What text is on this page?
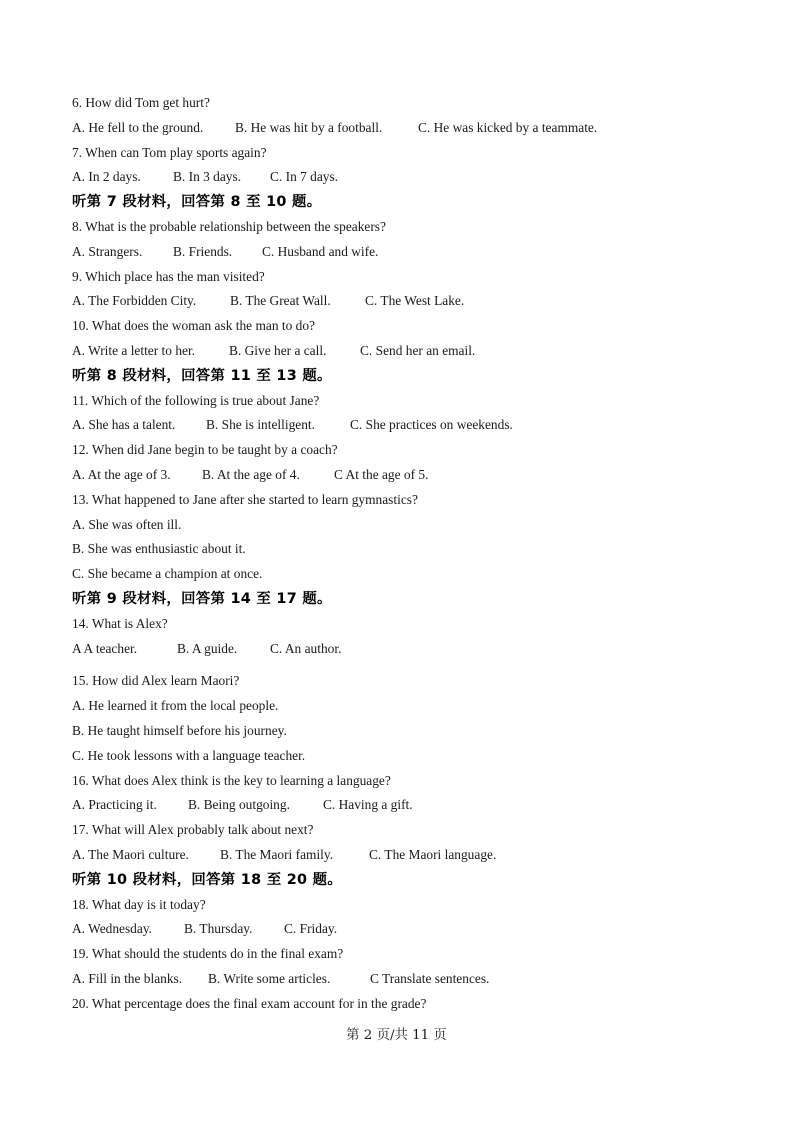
6. How did Tom get hurt?
A. He fell to the ground. B. He was hit by a football.	C. He was kicked by a teammate.
7. When can Tom play sports again?
A. In 2 days. B. In 3 days. C. In 7 days.
听第 7 段材料，回答第 8 至 10 题。
8. What is the probable relationship between the speakers?
A. Strangers. B. Friends. C. Husband and wife.
9. Which place has the man visited?
A. The Forbidden City.	B. The Great Wall.	C. The West Lake.
10. What does the woman ask the man to do?
A. Write a letter to her.	B. Give her a call.	C. Send her an email.
听第 8 段材料，回答第 11 至 13 题。
11. Which of the following is true about Jane?
A. She has a talent. B. She is intelligent.	C. She practices on weekends.
12. When did Jane begin to be taught by a coach?
A. At the age of 3. B. At the age of 4.	C At the age of 5.
13. What happened to Jane after she started to learn gymnastics?
A. She was often ill.
B. She was enthusiastic about it.
C. She became a champion at once.
听第 9 段材料，回答第 14 至 17 题。
14. What is Alex?
A A teacher.	B. A guide. C. An author.
15. How did Alex learn Maori?
A. He learned it from the local people.
B. He taught himself before his journey.
C. He took lessons with a language teacher.
16. What does Alex think is the key to learning a language?
A. Practicing it. B. Being outgoing. C. Having a gift.
17. What will Alex probably talk about next?
A. The Maori culture. B. The Maori family.	C. The Maori language.
听第 10 段材料，回答第 18 至 20 题。
18. What day is it today?
A. Wednesday. B. Thursday. C. Friday.
19. What should the students do in the final exam?
A. Fill in the blanks. B. Write some articles.	C Translate sentences.
20. What percentage does the final exam account for in the grade?
第 2 页/共 11 页
